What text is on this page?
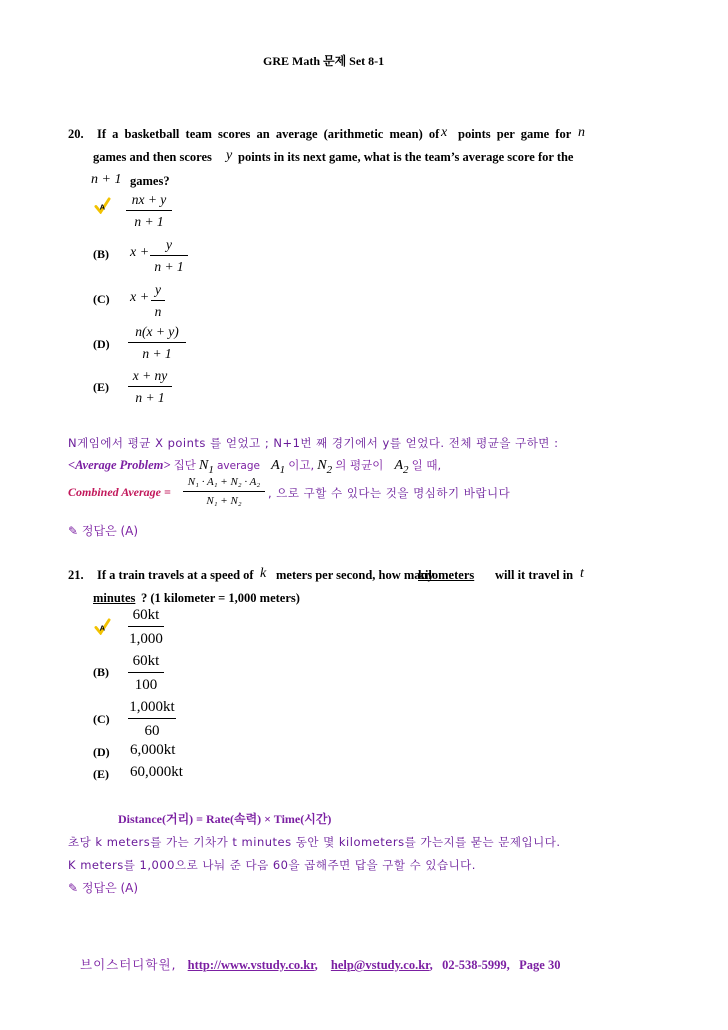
GRE Math 문제 Set 8-1
20. If a basketball team scores an average (arithmetic mean) of x points per game for n
games and then scores y points in its next game, what is the team’s average score for the
n + 1 games?
A	nx + y
n + 1
(B) x +
y
n + 1
(C) x +
y
n
(D)
n(x + y)
n + 1
(E)
x + ny
n + 1
N게임에서 평균 X points 를 얻었고 ; N+1번 째 경기에서 y를 얻었다. 전체 평균을 구하면 :
<Average Problem> 집단 $N_1$ average $A_1$ 이고, $N_2$ 의 평균이 $A_2$ 일 때,
Combined Average =
N₁ · A₁ + N₂ · A₂
N₁ + N₂
, 으로 구할 수 있다는 것을 명심하기 바랍니다
✎ 정답은 (A)
21. If a train travels at a speed of k meters per second, how many
kilometers will it travel in t
minutes ? (1 kilometer = 1,000 meters)
A
60kt
1,000
(B)
60kt
100
(C)
1,000kt
60
(D) 6,000kt
(E) 60,000kt
Distance(거리) = Rate(속력) × Time(시간)
초당 k meters를 가는 기차가 t minutes 동안 몇 kilometers를 가는지를 묻는 문제입니다.
K meters를 1,000으로 나눠 준 다음 60을 곱해주면 답을 구할 수 있습니다.
✎ 정답은 (A)
브이스터디학원, http://www.vstudy.co.kr, help@vstudy.co.kr,   02-538-5999,   Page 30
